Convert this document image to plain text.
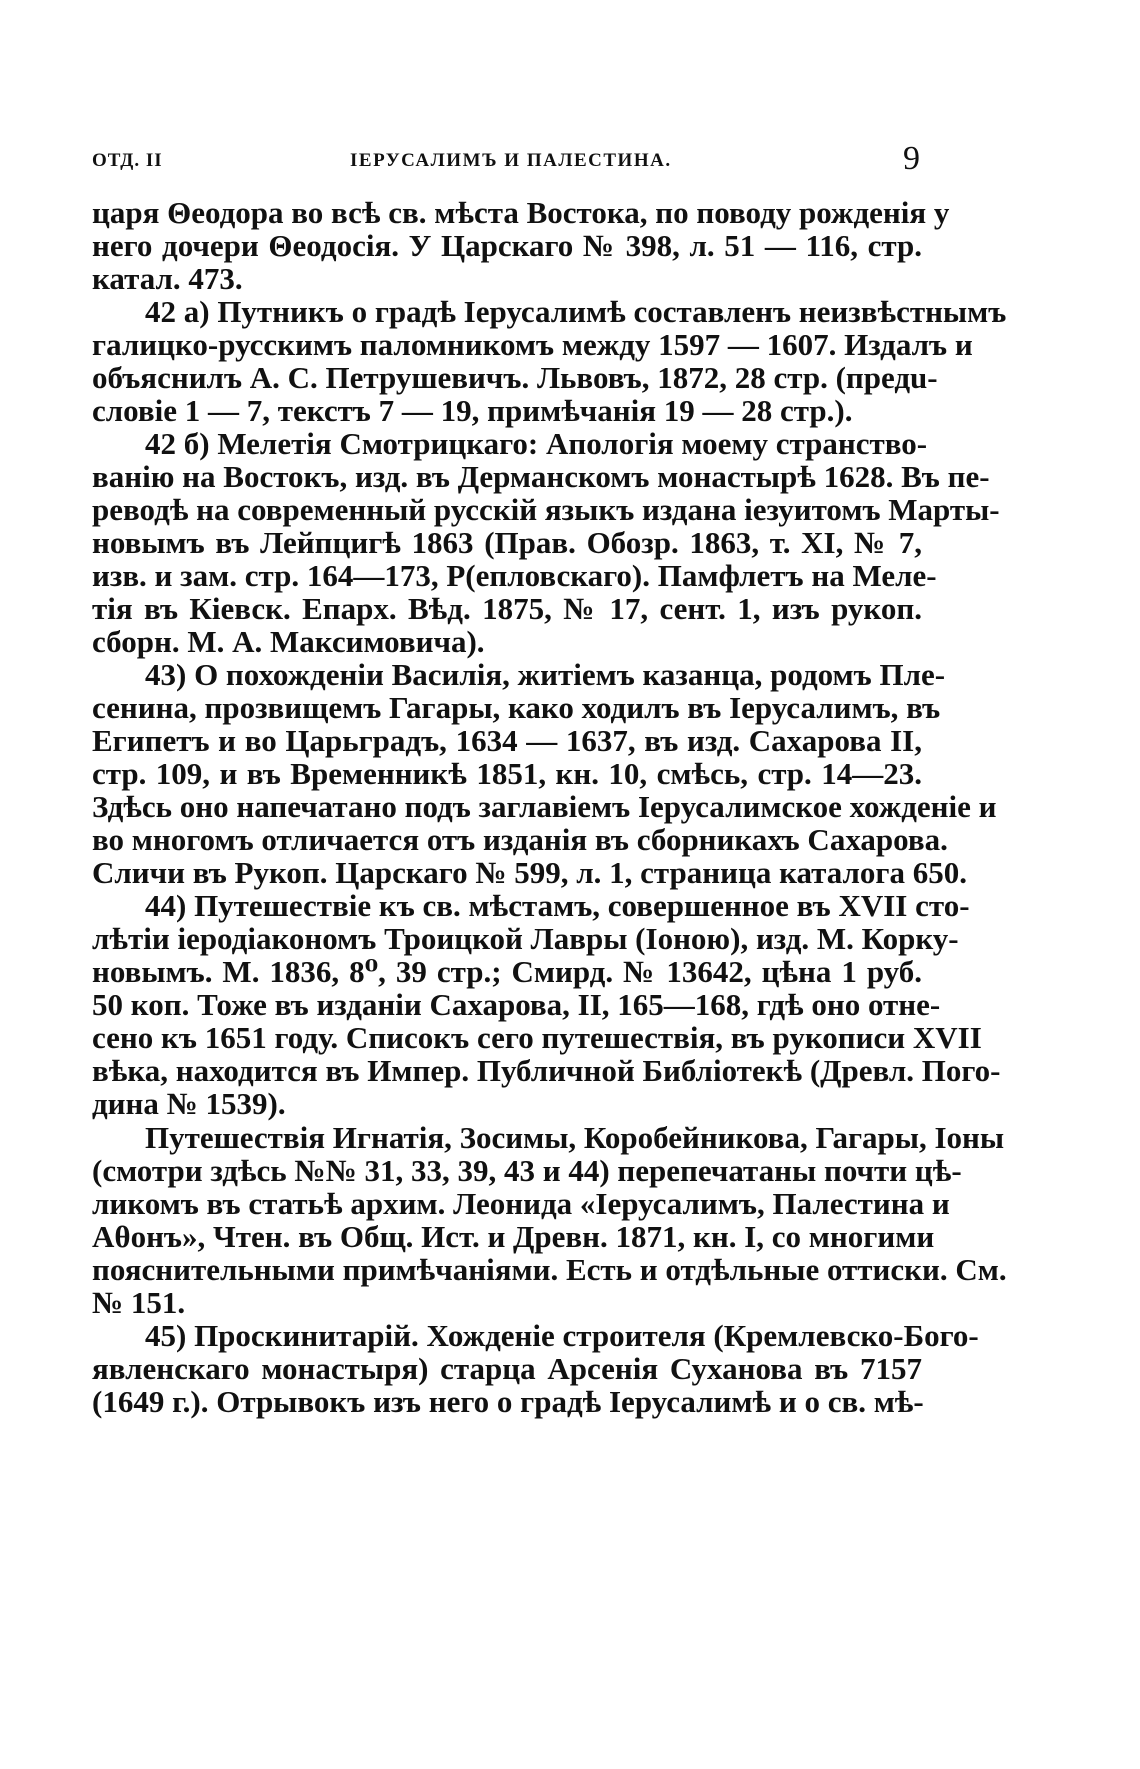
ОТД. II	ІЕРУСАЛИМЪ И ПАЛЕСТИНА.	9
царя Θеодора во всѣ св. мѣста Востока, по поводу рожденія у
него дочери Θеодосія. У Царскаго № 398, л. 51 — 116, стр.
катал. 473.
42 а) Путникъ о градѣ Іерусалимѣ составленъ неизвѣстнымъ
галицко-русскимъ паломникомъ между 1597 — 1607. Издалъ и
объяснилъ А. С. Петрушевичъ. Львовъ, 1872, 28 стр. (предu-
словіе 1 — 7, текстъ 7 — 19, примѣчанія 19 — 28 стр.).
42 б) Мелетія Смотрицкаго: Апологія моему странство-
ванію на Востокъ, изд. въ Дерманскомъ монастырѣ 1628. Въ пе-
реводѣ на современный русскій языкъ издана іезуитомъ Марты-
новымъ въ Лейпцигѣ 1863 (Прав. Обозр. 1863, т. XI, № 7,
изв. и зам. стр. 164—173, Р(епловскаго). Памфлетъ на Меле-
тія въ Кіевск. Епарх. Вѣд. 1875, № 17, сент. 1, изъ рукоп.
сборн. М. А. Максимовича).
43) О похожденіи Василія, житіемъ казанца, родомъ Пле-
сенина, прозвищемъ Гагары, како ходилъ въ Іерусалимъ, въ
Египетъ и во Царьградъ, 1634 — 1637, въ изд. Сахарова II,
стр. 109, и въ Временникѣ 1851, кн. 10, смѣсь, стр. 14—23.
Здѣсь оно напечатано подъ заглавіемъ Іерусалимское хожденіе и
во многомъ отличается отъ изданія въ сборникахъ Сахарова.
Сличи въ Рукоп. Царскаго № 599, л. 1, страница каталога 650.
44) Путешествіе къ св. мѣстамъ, совершенное въ XVII сто-
лѣтіи іеродіакономъ Троицкой Лавры (Іоною), изд. М. Корку-
новымъ. М. 1836, 8⁰, 39 стр.; Смирд. № 13642, цѣна 1 руб.
50 коп. Тоже въ изданіи Сахарова, II, 165—168, гдѣ оно отне-
сено къ 1651 году. Списокъ сего путешествія, въ рукописи XVII
вѣка, находится въ Импер. Публичной Библіотекѣ (Древл. Пого-
дина № 1539).
Путешествія Игнатія, Зосимы, Коробейникова, Гагары, Іоны
(смотри здѣсь №№ 31, 33, 39, 43 и 44) перепечатаны почти цѣ-
ликомъ въ статьѣ архим. Леонида «Іерусалимъ, Палестина и
Аθонъ», Чтен. въ Общ. Ист. и Древн. 1871, кн. I, со многими
пояснительными примѣчаніями. Есть и отдѣльные оттиски. См.
№ 151.
45) Проскинитарій. Хожденіе строителя (Кремлевско-Бого-
явленскаго монастыря) старца Арсенія Суханова въ 7157
(1649 г.). Отрывокъ изъ него о градѣ Іерусалимѣ и о св. мѣ-
